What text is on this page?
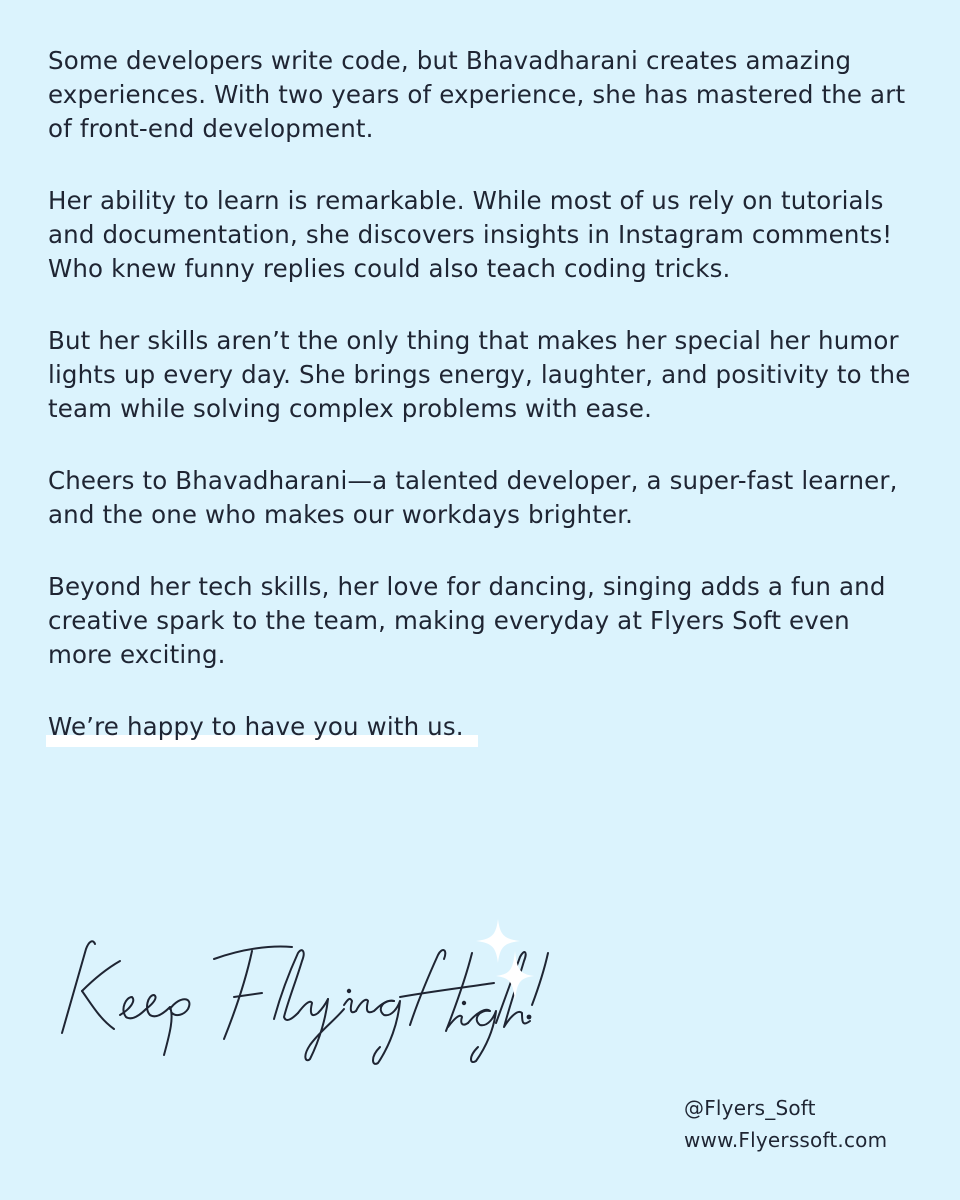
Some developers write code, but Bhavadharani creates amazing experiences. With two years of experience, she has mastered the art of front-end development.

Her ability to learn is remarkable. While most of us rely on tutorials and documentation, she discovers insights in Instagram comments! Who knew funny replies could also teach coding tricks.

But her skills aren’t the only thing that makes her special her humor lights up every day. She brings energy, laughter, and positivity to the team while solving complex problems with ease.

Cheers to Bhavadharani—a talented developer, a super-fast learner, and the one who makes our workdays brighter.

Beyond her tech skills, her love for dancing, singing adds a fun and creative spark to the team, making everyday at Flyers Soft even more exciting.

We’re happy to have you with us.
@Flyers_Soft
www.Flyerssoft.com
